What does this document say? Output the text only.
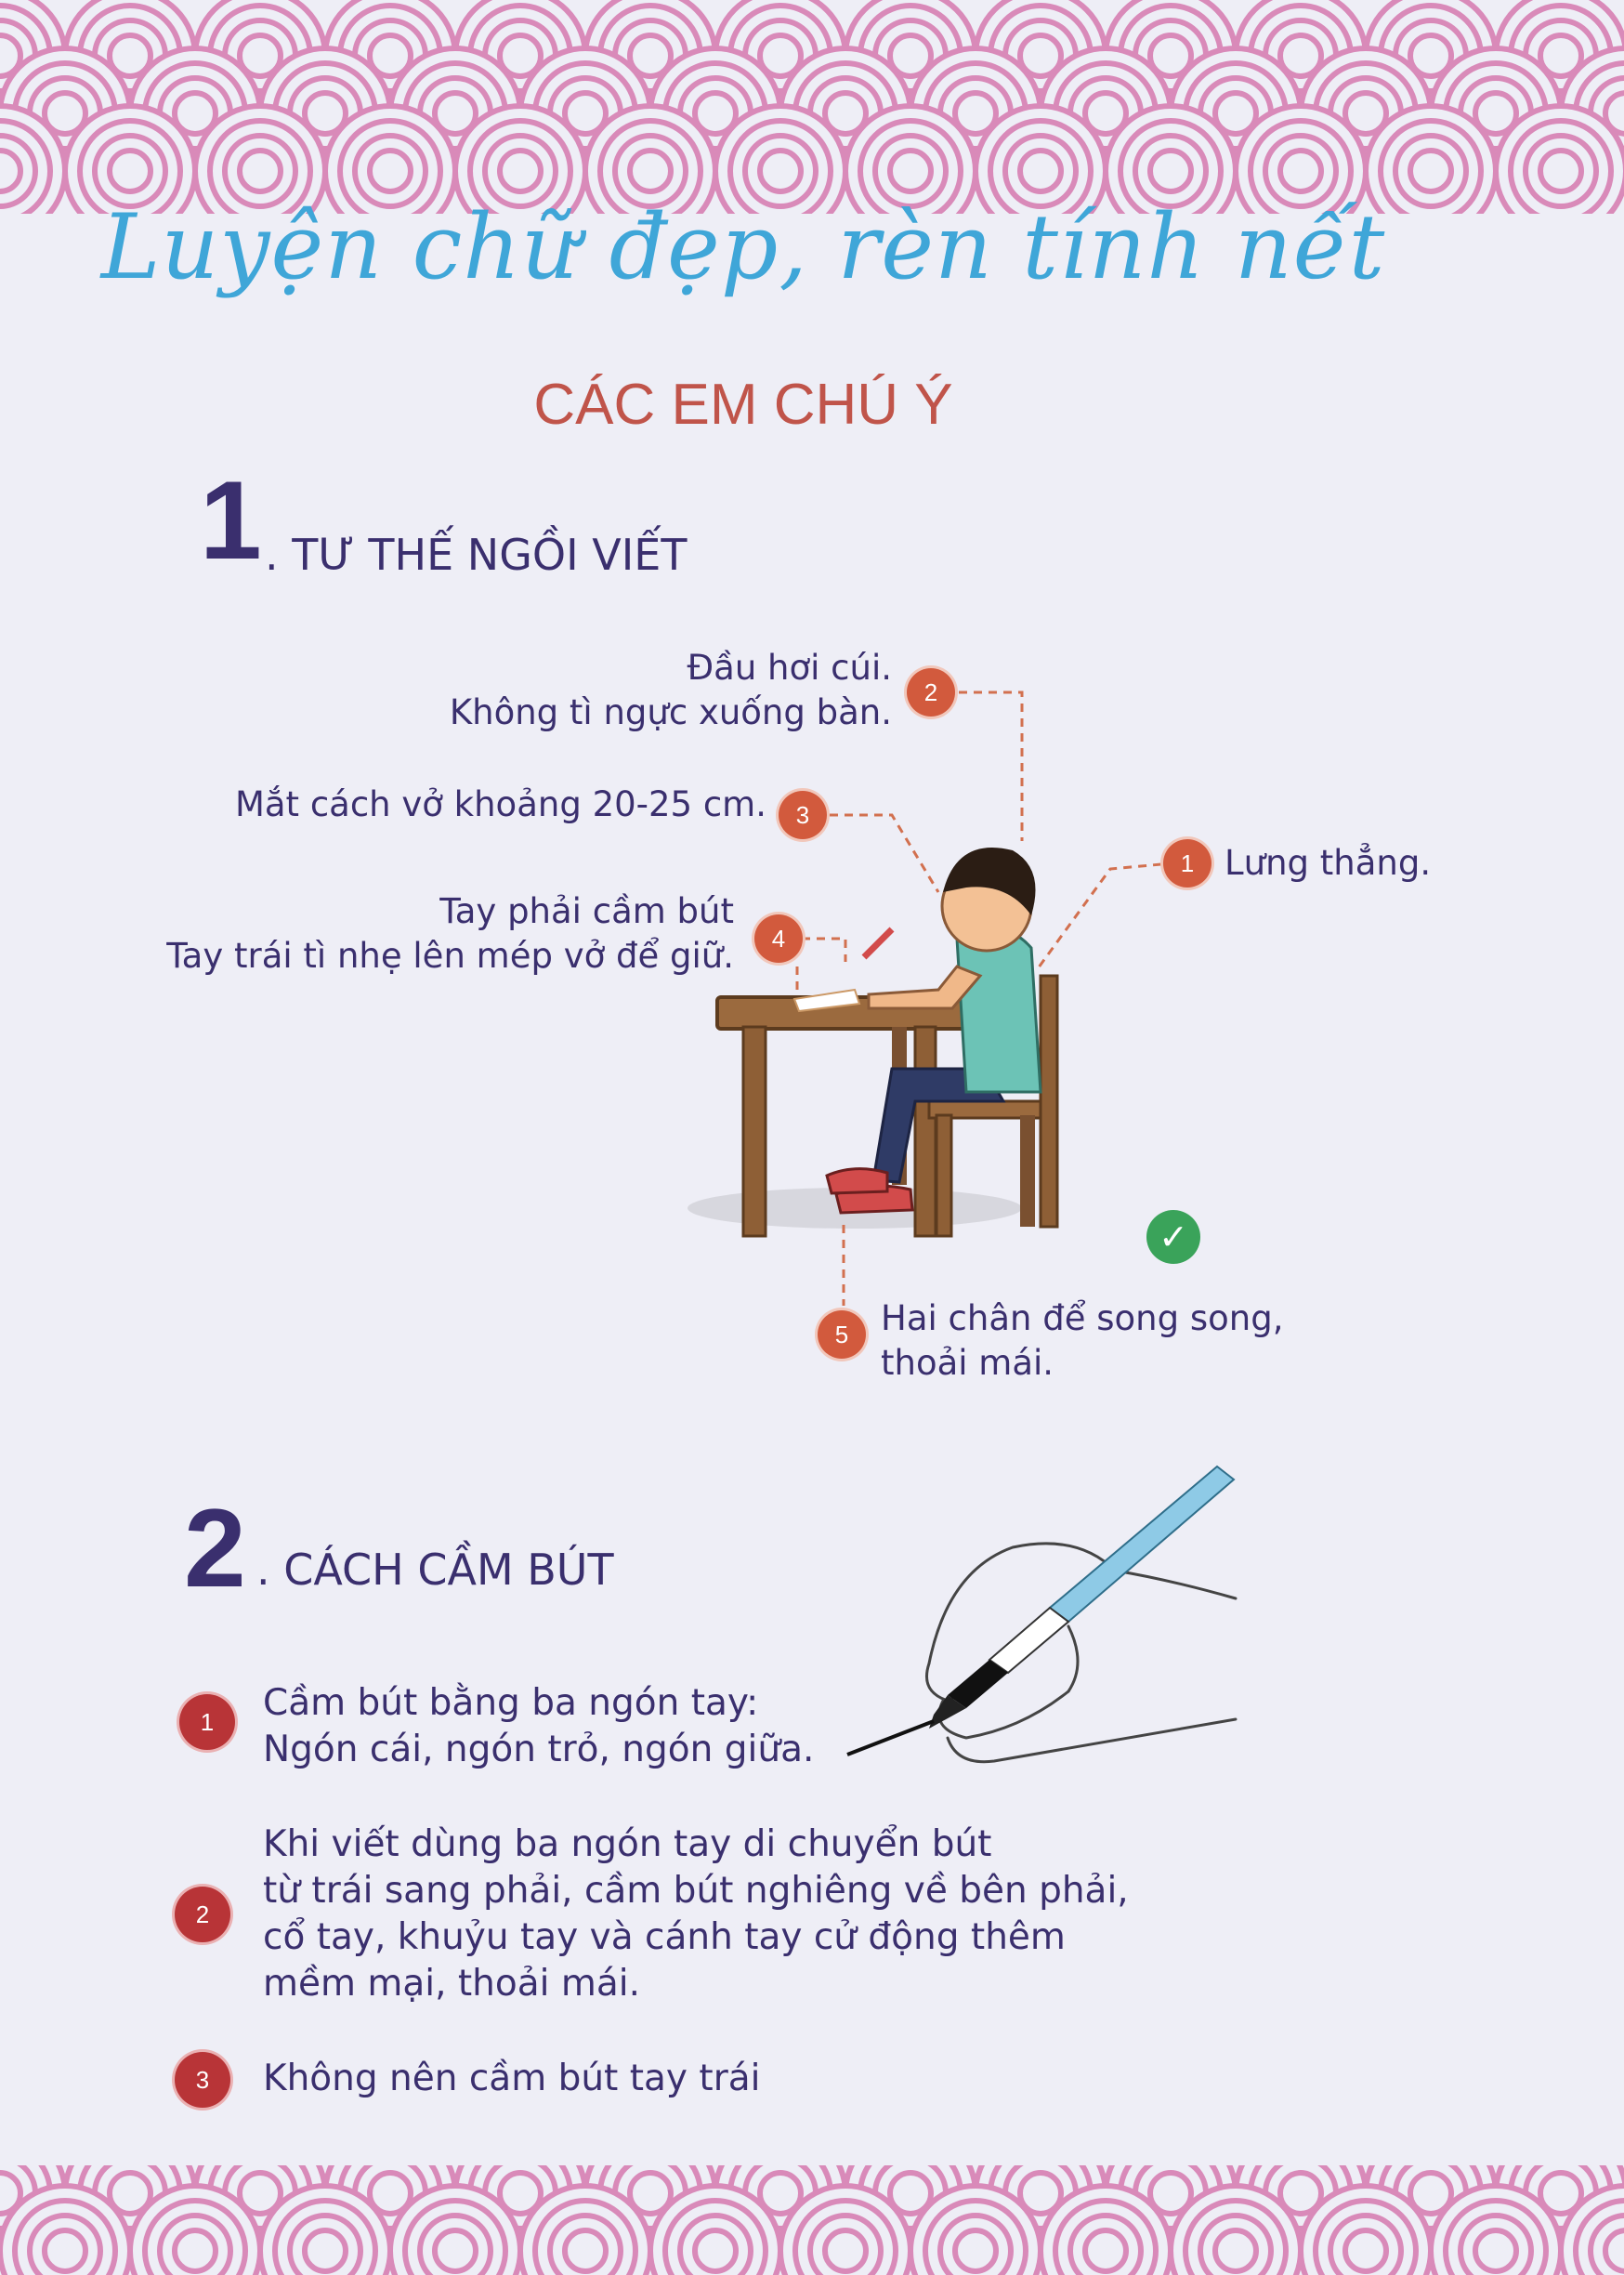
Luyện chữ đẹp, rèn tính nết
CÁC EM CHÚ Ý
1 . TƯ THẾ NGỒI VIẾT
Đầu hơi cúi.
Không tì ngực xuống bàn.	2
Mắt cách vở khoảng 20-25 cm.	3
Tay phải cầm bút
Tay trái tì nhẹ lên mép vở để giữ.	4
1 Lưng thẳng.
✓
5 Hai chân để song song,
thoải mái.
2 . CÁCH CẦM BÚT
1	Cầm bút bằng ba ngón tay:
Ngón cái, ngón trỏ, ngón giữa.
2
Khi viết dùng ba ngón tay di chuyển bút
từ trái sang phải, cầm bút nghiêng về bên phải,
cổ tay, khuỷu tay và cánh tay cử động thêm
mềm mại, thoải mái.
3	Không nên cầm bút tay trái
